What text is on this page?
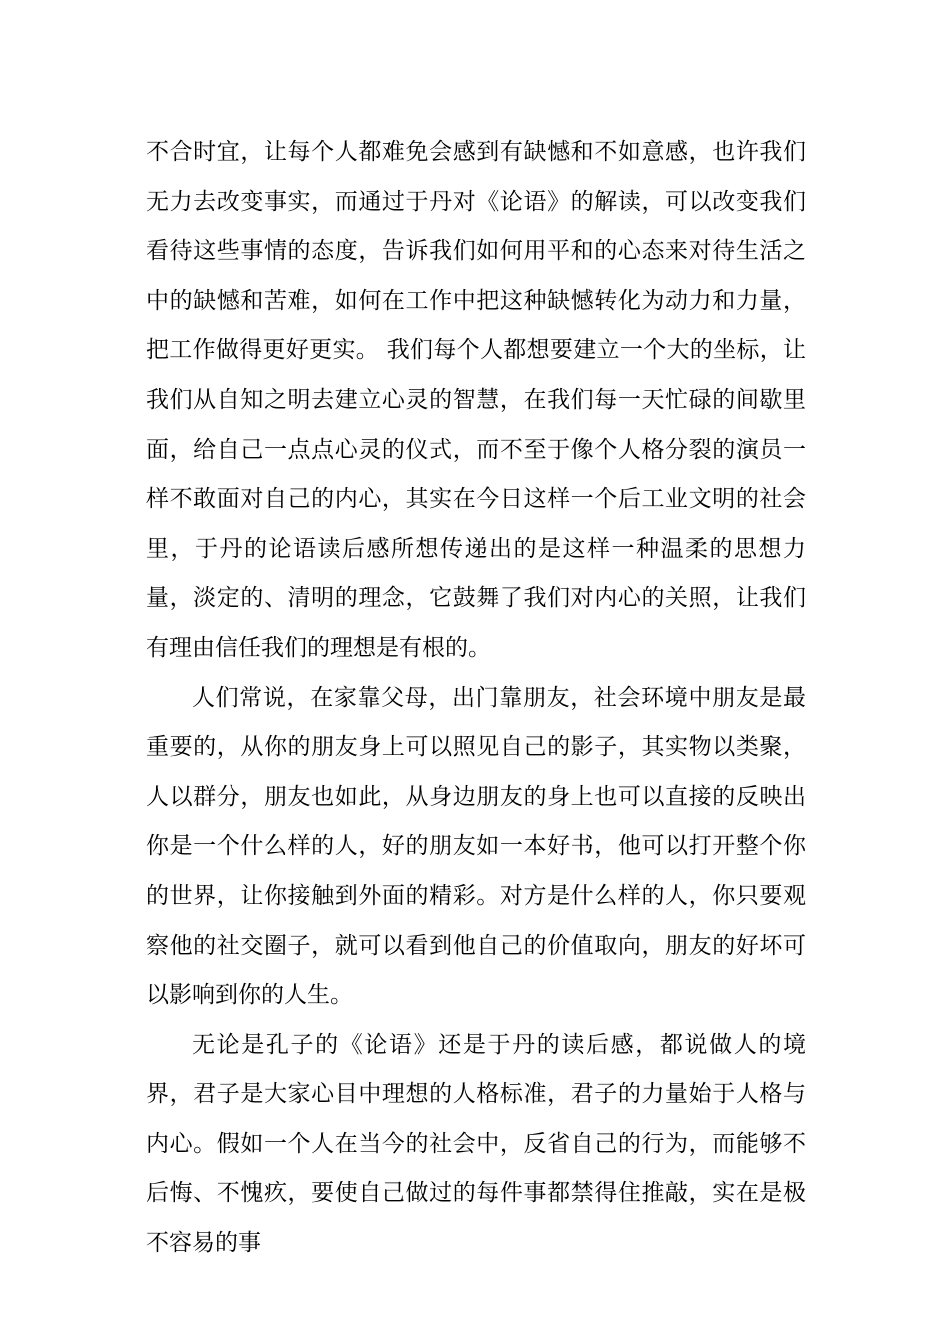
不合时宜，让每个人都难免会感到有缺憾和不如意感，也许我们无力去改变事实，而通过于丹对《论语》的解读，可以改变我们看待这些事情的态度，告诉我们如何用平和的心态来对待生活之中的缺憾和苦难，如何在工作中把这种缺憾转化为动力和力量，把工作做得更好更实。 我们每个人都想要建立一个大的坐标，让我们从自知之明去建立心灵的智慧，在我们每一天忙碌的间歇里面，给自己一点点心灵的仪式，而不至于像个人格分裂的演员一样不敢面对自己的内心，其实在今日这样一个后工业文明的社会里，于丹的论语读后感所想传递出的是这样一种温柔的思想力量，淡定的、清明的理念，它鼓舞了我们对内心的关照，让我们有理由信任我们的理想是有根的。

人们常说，在家靠父母，出门靠朋友，社会环境中朋友是最重要的，从你的朋友身上可以照见自己的影子，其实物以类聚，人以群分，朋友也如此，从身边朋友的身上也可以直接的反映出你是一个什么样的人，好的朋友如一本好书，他可以打开整个你的世界，让你接触到外面的精彩。对方是什么样的人，你只要观察他的社交圈子，就可以看到他自己的价值取向，朋友的好坏可以影响到你的人生。

无论是孔子的《论语》还是于丹的读后感，都说做人的境界，君子是大家心目中理想的人格标准，君子的力量始于人格与内心。假如一个人在当今的社会中，反省自己的行为，而能够不后悔、不愧疚，要使自己做过的每件事都禁得住推敲，实在是极不容易的事
